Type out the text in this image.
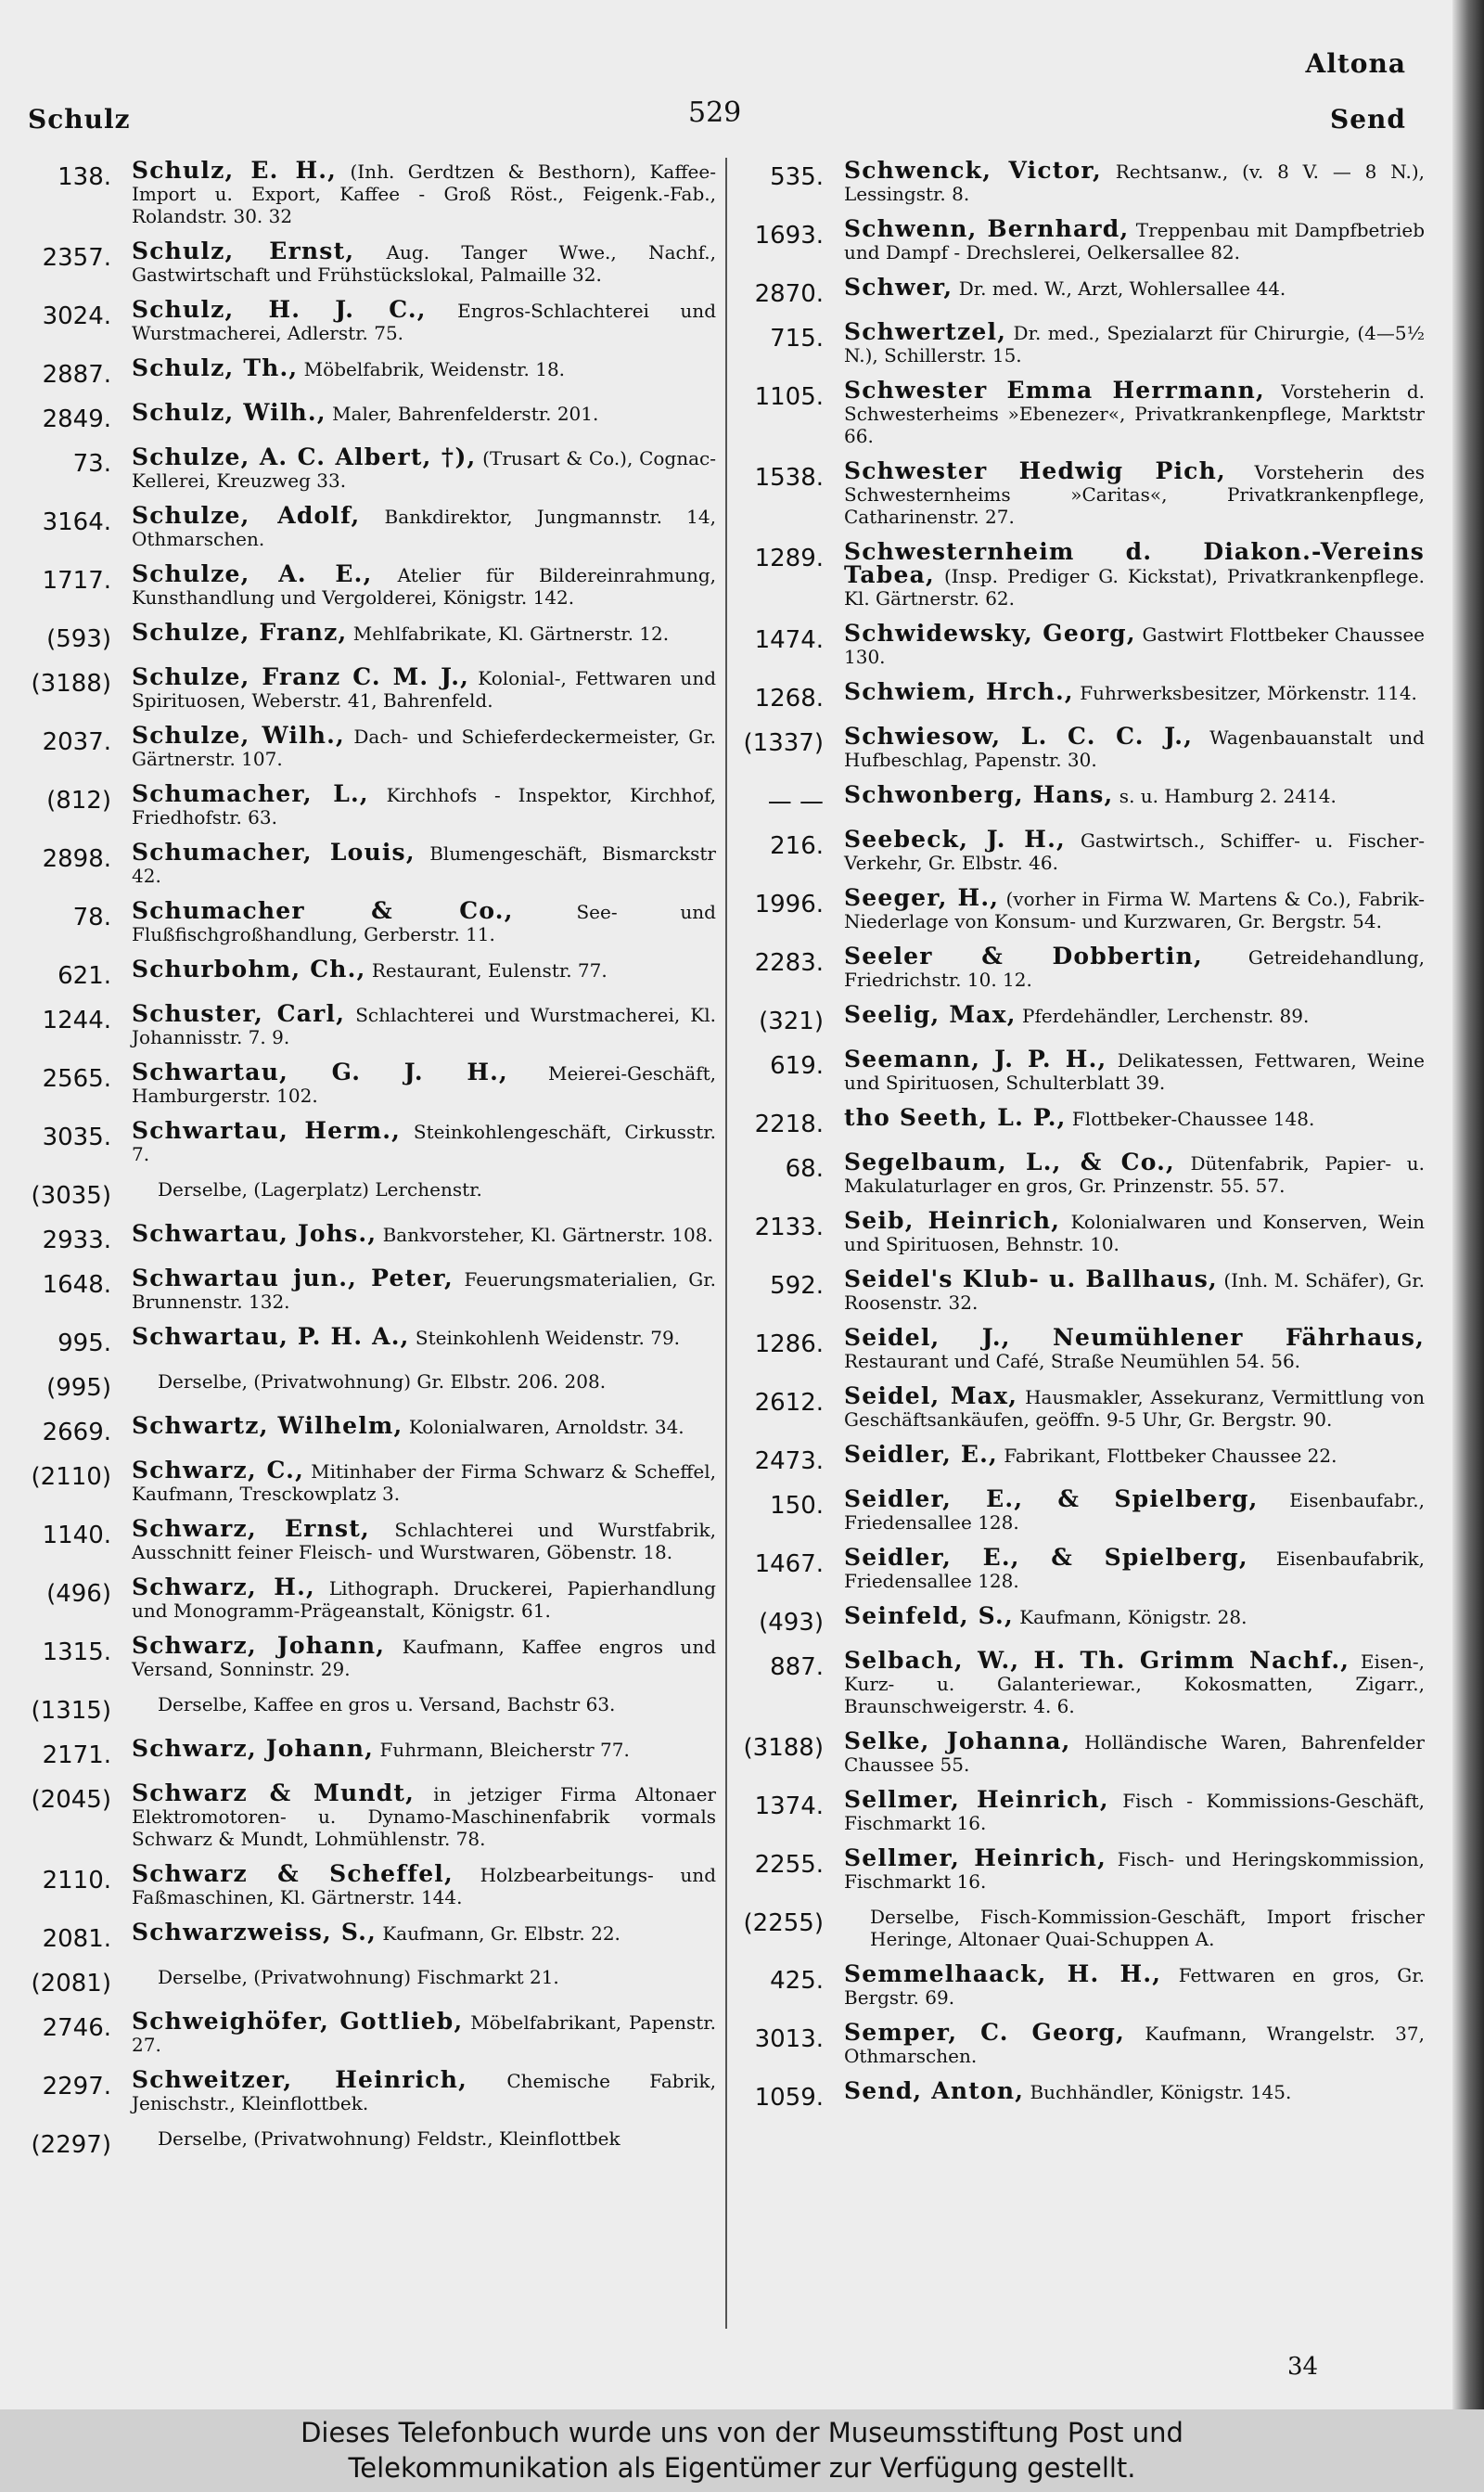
Schulz	529
Altona
Send
138. Schulz, E. H., (Inh. Gerdtzen & Besthorn), Kaffee-Import u. Export, Kaffee - Groß Röst., Feigenk.-Fab., Rolandstr. 30. 32
2357. Schulz, Ernst, Aug. Tanger Wwe., Nachf., Gastwirtschaft und Frühstückslokal, Palmaille 32.
3024. Schulz, H. J. C., Engros-Schlachterei und Wurstmacherei, Adlerstr. 75.
2887. Schulz, Th., Möbelfabrik, Weidenstr. 18.
2849. Schulz, Wilh., Maler, Bahrenfelderstr. 201.
73. Schulze, A. C. Albert, †), (Trusart & Co.), Cognac-Kellerei, Kreuzweg 33.
3164. Schulze, Adolf, Bankdirektor, Jungmannstr. 14, Othmarschen.
1717. Schulze, A. E., Atelier für Bildereinrahmung, Kunsthandlung und Vergolderei, Königstr. 142.
(593) Schulze, Franz, Mehlfabrikate, Kl. Gärtnerstr. 12.
(3188) Schulze, Franz C. M. J., Kolonial-, Fettwaren und Spirituosen, Weberstr. 41, Bahrenfeld.
2037. Schulze, Wilh., Dach- und Schieferdeckermeister, Gr. Gärtnerstr. 107.
(812) Schumacher, L., Kirchhofs - Inspektor, Kirchhof, Friedhofstr. 63.
2898. Schumacher, Louis, Blumengeschäft, Bismarckstr 42.
78. Schumacher & Co., See- und Flußfischgroßhandlung, Gerberstr. 11.
621. Schurbohm, Ch., Restaurant, Eulenstr. 77.
1244. Schuster, Carl, Schlachterei und Wurstmacherei, Kl. Johannisstr. 7. 9.
2565. Schwartau, G. J. H., Meierei-Geschäft, Hamburgerstr. 102.
3035. Schwartau, Herm., Steinkohlengeschäft, Cirkusstr. 7.
(3035)	Derselbe, (Lagerplatz) Lerchenstr.
2933. Schwartau, Johs., Bankvorsteher, Kl. Gärtnerstr. 108.
1648. Schwartau jun., Peter, Feuerungsmaterialien, Gr. Brunnenstr. 132.
995. Schwartau, P. H. A., Steinkohlenh Weidenstr. 79.
(995)	Derselbe, (Privatwohnung) Gr. Elbstr. 206. 208.
2669. Schwartz, Wilhelm, Kolonialwaren, Arnoldstr. 34.
(2110) Schwarz, C., Mitinhaber der Firma Schwarz & Scheffel, Kaufmann, Tresckowplatz 3.
1140. Schwarz, Ernst, Schlachterei und Wurstfabrik, Ausschnitt feiner Fleisch- und Wurstwaren, Göbenstr. 18.
(496) Schwarz, H., Lithograph. Druckerei, Papierhandlung und Monogramm-Prägeanstalt, Königstr. 61.
1315. Schwarz, Johann, Kaufmann, Kaffee engros und Versand, Sonninstr. 29.
(1315)	Derselbe, Kaffee en gros u. Versand, Bachstr 63.
2171. Schwarz, Johann, Fuhrmann, Bleicherstr 77.
(2045) Schwarz & Mundt, in jetziger Firma Altonaer Elektromotoren- u. Dynamo-Maschinenfabrik vormals Schwarz & Mundt, Lohmühlenstr. 78.
2110. Schwarz & Scheffel, Holzbearbeitungs- und Faßmaschinen, Kl. Gärtnerstr. 144.
2081. Schwarzweiss, S., Kaufmann, Gr. Elbstr. 22.
(2081)	Derselbe, (Privatwohnung) Fischmarkt 21.
2746. Schweighöfer, Gottlieb, Möbelfabrikant, Papenstr. 27.
2297. Schweitzer, Heinrich, Chemische Fabrik, Jenischstr., Kleinflottbek.
(2297)	Derselbe, (Privatwohnung) Feldstr., Kleinflottbek
535. Schwenck, Victor, Rechtsanw., (v. 8 V. — 8 N.), Lessingstr. 8.
1693. Schwenn, Bernhard, Treppenbau mit Dampfbetrieb und Dampf - Drechslerei, Oelkersallee 82.
2870. Schwer, Dr. med. W., Arzt, Wohlersallee 44.
715. Schwertzel, Dr. med., Spezialarzt für Chirurgie, (4—5½ N.), Schillerstr. 15.
1105. Schwester Emma Herrmann, Vorsteherin d. Schwesterheims »Ebenezer«, Privatkrankenpflege, Marktstr 66.
1538. Schwester Hedwig Pich, Vorsteherin des Schwesternheims »Caritas«, Privatkrankenpflege, Catharinenstr. 27.
1289. Schwesternheim d. Diakon.-Vereins Tabea, (Insp. Prediger G. Kickstat), Privatkrankenpflege. Kl. Gärtnerstr. 62.
1474. Schwidewsky, Georg, Gastwirt Flottbeker Chaussee 130.
1268. Schwiem, Hrch., Fuhrwerksbesitzer, Mörkenstr. 114.
(1337) Schwiesow, L. C. C. J., Wagenbauanstalt und Hufbeschlag, Papenstr. 30.
— — Schwonberg, Hans, s. u. Hamburg 2. 2414.
216. Seebeck, J. H., Gastwirtsch., Schiffer- u. Fischer-Verkehr, Gr. Elbstr. 46.
1996. Seeger, H., (vorher in Firma W. Martens & Co.), Fabrik-Niederlage von Konsum- und Kurzwaren, Gr. Bergstr. 54.
2283. Seeler & Dobbertin, Getreidehandlung, Friedrichstr. 10. 12.
(321) Seelig, Max, Pferdehändler, Lerchenstr. 89.
619. Seemann, J. P. H., Delikatessen, Fettwaren, Weine und Spirituosen, Schulterblatt 39.
2218. tho Seeth, L. P., Flottbeker-Chaussee 148.
68. Segelbaum, L., & Co., Dütenfabrik, Papier- u. Makulaturlager en gros, Gr. Prinzenstr. 55. 57.
2133. Seib, Heinrich, Kolonialwaren und Konserven, Wein und Spirituosen, Behnstr. 10.
592. Seidel's Klub- u. Ballhaus, (Inh. M. Schäfer), Gr. Roosenstr. 32.
1286. Seidel, J., Neumühlener Fährhaus, Restaurant und Café, Straße Neumühlen 54. 56.
2612. Seidel, Max, Hausmakler, Assekuranz, Vermittlung von Geschäftsankäufen, geöffn. 9-5 Uhr, Gr. Bergstr. 90.
2473. Seidler, E., Fabrikant, Flottbeker Chaussee 22.
150. Seidler, E., & Spielberg, Eisenbaufabr., Friedensallee 128.
1467. Seidler, E., & Spielberg, Eisenbaufabrik, Friedensallee 128.
(493) Seinfeld, S., Kaufmann, Königstr. 28.
887. Selbach, W., H. Th. Grimm Nachf., Eisen-, Kurz- u. Galanteriewar., Kokosmatten, Zigarr., Braunschweigerstr. 4. 6.
(3188) Selke, Johanna, Holländische Waren, Bahrenfelder Chaussee 55.
1374. Sellmer, Heinrich, Fisch - Kommissions-Geschäft, Fischmarkt 16.
2255. Sellmer, Heinrich, Fisch- und Heringskommission, Fischmarkt 16.
(2255)	Derselbe, Fisch-Kommission-Geschäft, Import frischer Heringe, Altonaer Quai-Schuppen A.
425. Semmelhaack, H. H., Fettwaren en gros, Gr. Bergstr. 69.
3013. Semper, C. Georg, Kaufmann, Wrangelstr. 37, Othmarschen.
1059. Send, Anton, Buchhändler, Königstr. 145.
34
Dieses Telefonbuch wurde uns von der Museumsstiftung Post und
Telekommunikation als Eigentümer zur Verfügung gestellt.
